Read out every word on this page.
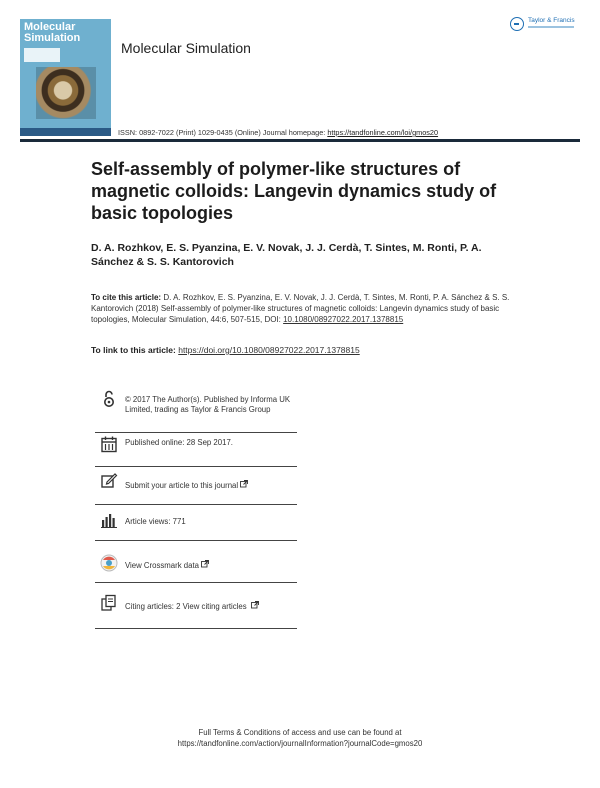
Molecular
Simulation
Molecular Simulation
Taylor & Francis
ISSN: 0892-7022 (Print) 1029-0435 (Online) Journal homepage: https://tandfonline.com/loi/gmos20
Self-assembly of polymer-like structures of magnetic colloids: Langevin dynamics study of basic topologies

D. A. Rozhkov, E. S. Pyanzina, E. V. Novak, J. J. Cerdà, T. Sintes, M. Ronti, P. A. Sánchez & S. S. Kantorovich

To cite this article: D. A. Rozhkov, E. S. Pyanzina, E. V. Novak, J. J. Cerdà, T. Sintes, M. Ronti, P. A. Sánchez & S. S. Kantorovich (2018) Self-assembly of polymer-like structures of magnetic colloids: Langevin dynamics study of basic topologies, Molecular Simulation, 44:6, 507-515, DOI: 10.1080/08927022.2017.1378815
To link to this article: https://doi.org/10.1080/08927022.2017.1378815
© 2017 The Author(s). Published by Informa UK Limited, trading as Taylor & Francis Group
Published online: 28 Sep 2017.
Submit your article to this journal
Article views: 771
View Crossmark data
Citing articles: 2 View citing articles
Full Terms & Conditions of access and use can be found at
https://tandfonline.com/action/journalInformation?journalCode=gmos20
